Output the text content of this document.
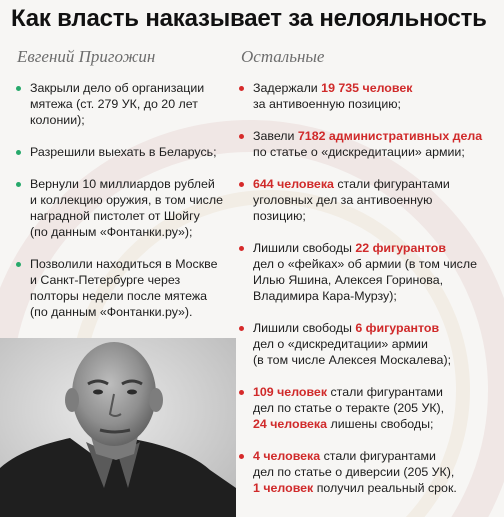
Как власть наказывает за нелояльность
Евгений Пригожин	Остальные
Закрыли дело об организации
мятежа (ст. 279 УК, до 20 лет
колонии);
Разрешили выехать в Беларусь;
Вернули 10 миллиардов рублей
и коллекцию оружия, в том числе
наградной пистолет от Шойгу
(по данным «Фонтанки.ру»);
Позволили находиться в Москве
и Санкт-Петербурге через
полторы недели после мятежа
(по данным «Фонтанки.ру»).
Задержали 19 735 человек
за антивоенную позицию;
Завели 7182 административных дела
по статье о «дискредитации» армии;
644 человека стали фигурантами
уголовных дел за антивоенную
позицию;
Лишили свободы 22 фигурантов
дел о «фейках» об армии (в том числе
Илью Яшина, Алексея Горинова,
Владимира Кара-Мурзу);
Лишили свободы 6 фигурантов
дел о «дискредитации» армии
(в том числе Алексея Москалева);
109 человек стали фигурантами
дел по статье о теракте (205 УК),
24 человека лишены свободы;
4 человека стали фигурантами
дел по статье о диверсии (205 УК),
1 человек получил реальный срок.
